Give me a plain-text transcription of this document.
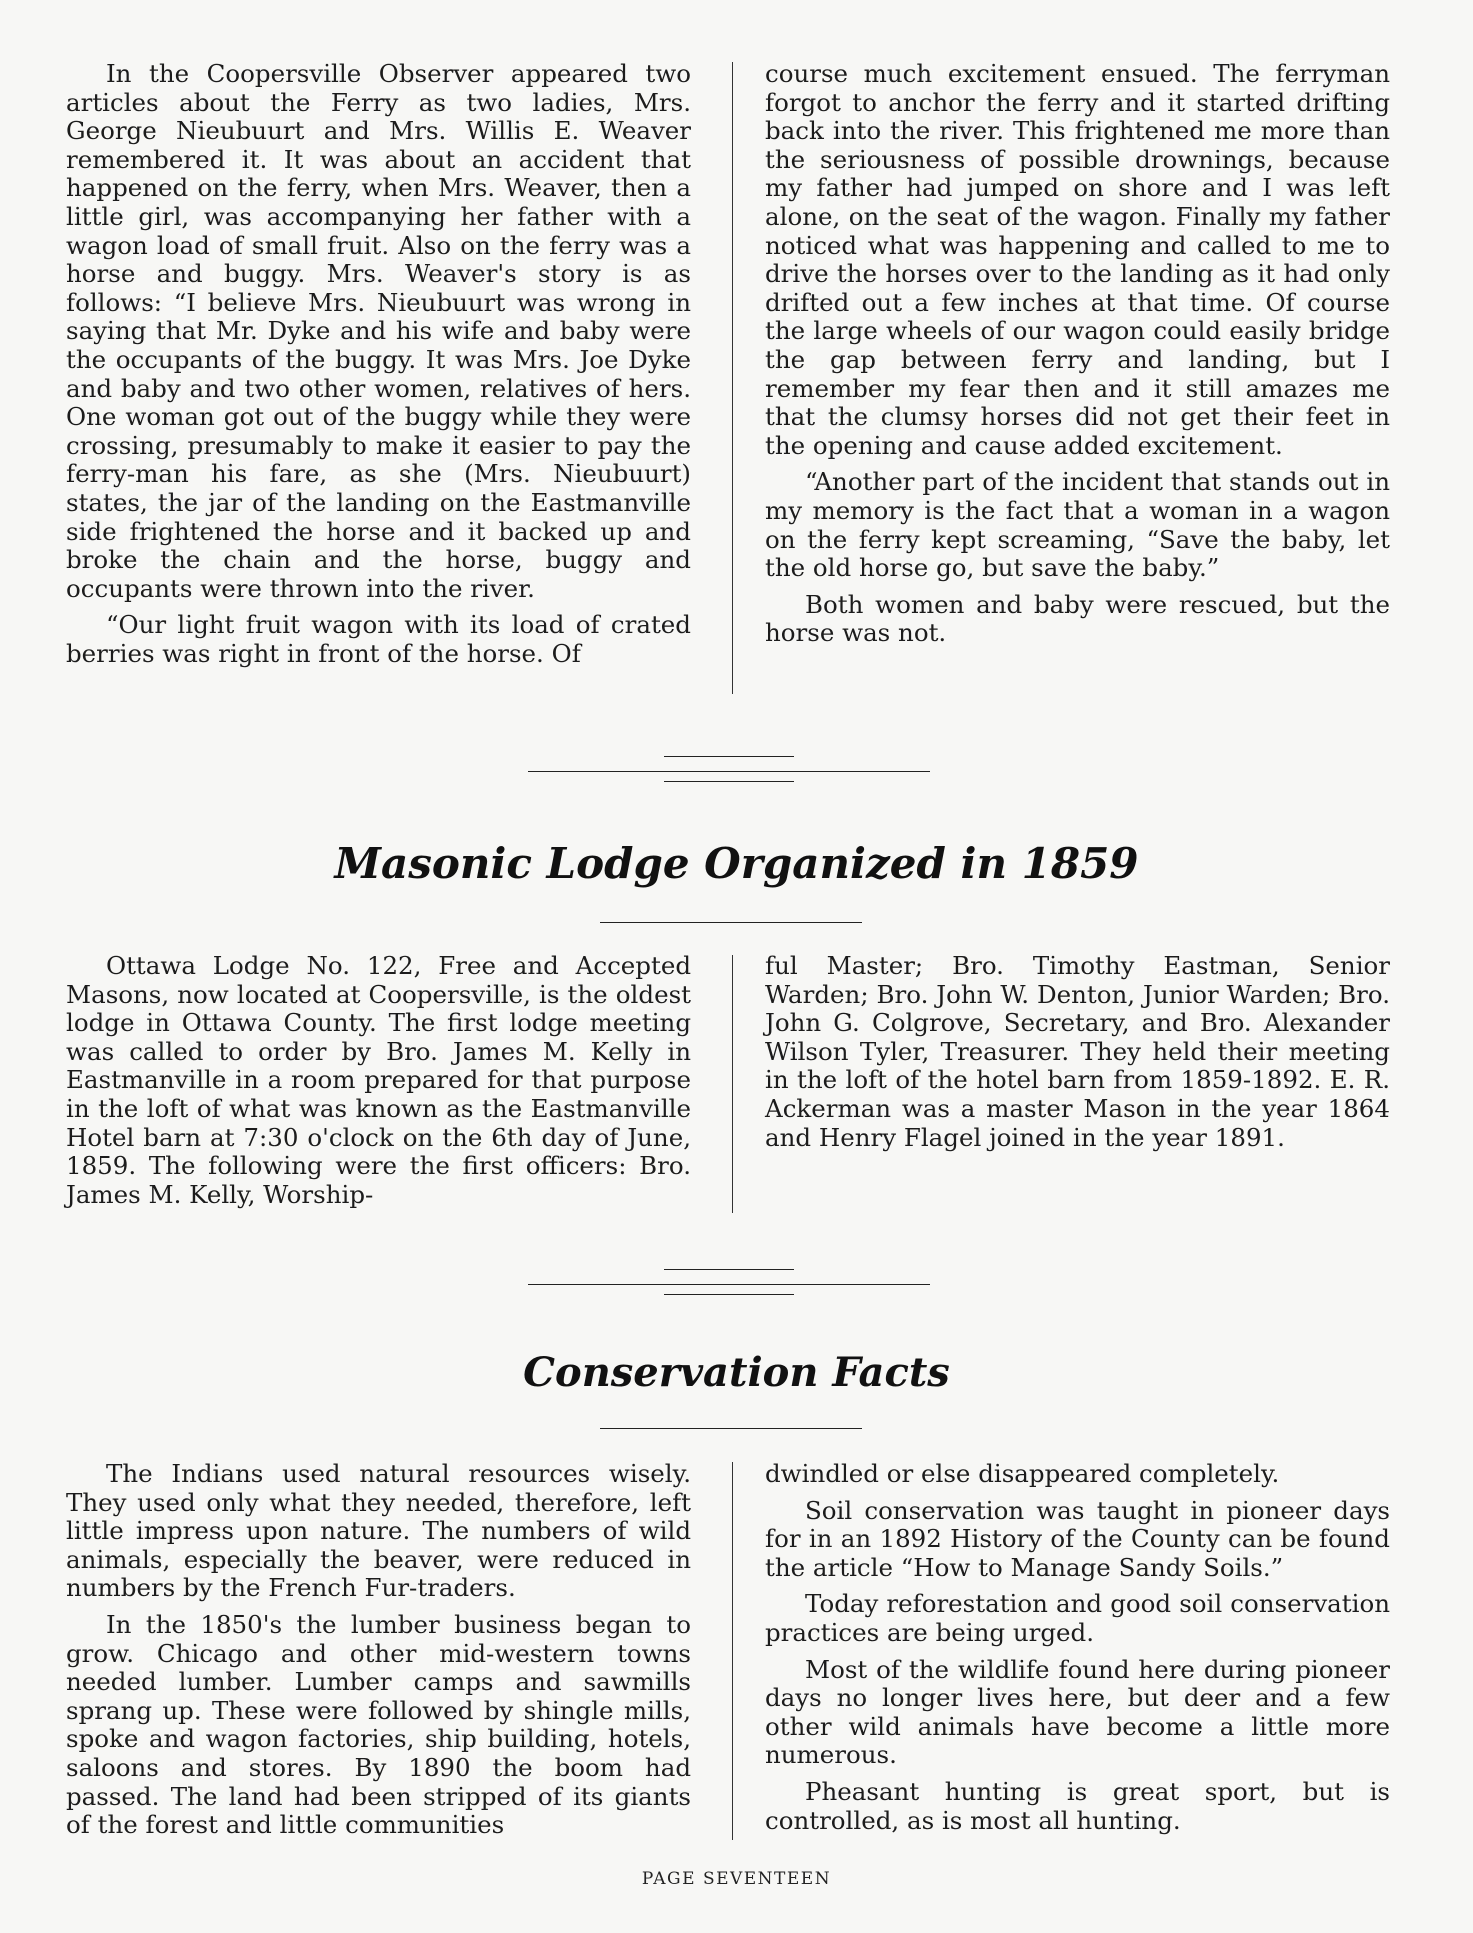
In the Coopersville Observer appeared two articles about the Ferry as two ladies, Mrs. George Nieubuurt and Mrs. Willis E. Weaver remembered it. It was about an accident that happened on the ferry, when Mrs. Weaver, then a little girl, was accompanying her father with a wagon load of small fruit. Also on the ferry was a horse and buggy. Mrs. Weaver's story is as follows: “I believe Mrs. Nieubuurt was wrong in saying that Mr. Dyke and his wife and baby were the occupants of the buggy. It was Mrs. Joe Dyke and baby and two other women, relatives of hers. One woman got out of the buggy while they were crossing, presumably to make it easier to pay the ferry-man his fare, as she (Mrs. Nieubuurt) states, the jar of the landing on the Eastmanville side frightened the horse and it backed up and broke the chain and the horse, buggy and occupants were thrown into the river.

“Our light fruit wagon with its load of crated berries was right in front of the horse. Of

course much excitement ensued. The ferryman forgot to anchor the ferry and it started drifting back into the river. This frightened me more than the seriousness of possible drownings, because my father had jumped on shore and I was left alone, on the seat of the wagon. Finally my father noticed what was happening and called to me to drive the horses over to the landing as it had only drifted out a few inches at that time. Of course the large wheels of our wagon could easily bridge the gap between ferry and landing, but I remember my fear then and it still amazes me that the clumsy horses did not get their feet in the opening and cause added excitement.

“Another part of the incident that stands out in my memory is the fact that a woman in a wagon on the ferry kept screaming, “Save the baby, let the old horse go, but save the baby.”

Both women and baby were rescued, but the horse was not.

Masonic Lodge Organized in 1859

Ottawa Lodge No. 122, Free and Accepted Masons, now located at Coopersville, is the oldest lodge in Ottawa County. The first lodge meeting was called to order by Bro. James M. Kelly in Eastmanville in a room prepared for that purpose in the loft of what was known as the Eastmanville Hotel barn at 7:30 o'clock on the 6th day of June, 1859. The following were the first officers: Bro. James M. Kelly, Worship-

ful Master; Bro. Timothy Eastman, Senior Warden; Bro. John W. Denton, Junior Warden; Bro. John G. Colgrove, Secretary, and Bro. Alexander Wilson Tyler, Treasurer. They held their meeting in the loft of the hotel barn from 1859-1892. E. R. Ackerman was a master Mason in the year 1864 and Henry Flagel joined in the year 1891.

Conservation Facts

The Indians used natural resources wisely. They used only what they needed, therefore, left little impress upon nature. The numbers of wild animals, especially the beaver, were reduced in numbers by the French Fur-traders.

In the 1850's the lumber business began to grow. Chicago and other mid-western towns needed lumber. Lumber camps and sawmills sprang up. These were followed by shingle mills, spoke and wagon factories, ship building, hotels, saloons and stores. By 1890 the boom had passed. The land had been stripped of its giants of the forest and little communities

dwindled or else disappeared completely.

Soil conservation was taught in pioneer days for in an 1892 History of the County can be found the article “How to Manage Sandy Soils.”

Today reforestation and good soil conservation practices are being urged.

Most of the wildlife found here during pioneer days no longer lives here, but deer and a few other wild animals have become a little more numerous.

Pheasant hunting is great sport, but is controlled, as is most all hunting.

PAGE SEVENTEEN
